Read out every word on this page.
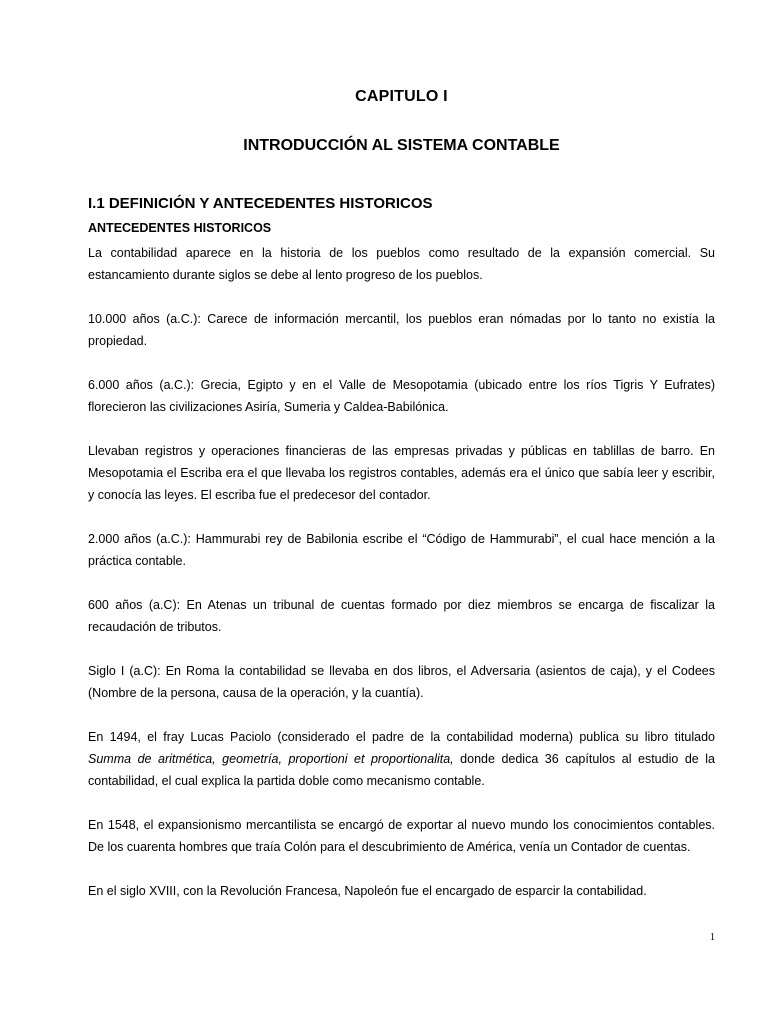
CAPITULO I
INTRODUCCIÓN AL SISTEMA CONTABLE
I.1 DEFINICIÓN Y ANTECEDENTES HISTORICOS
ANTECEDENTES HISTORICOS

La contabilidad aparece en la historia de los pueblos como resultado de la expansión comercial. Su estancamiento durante siglos se debe al lento progreso de los pueblos.

10.000 años (a.C.): Carece de información mercantil, los pueblos eran nómadas por lo tanto no existía la propiedad.

6.000 años (a.C.): Grecia, Egipto y en el Valle de Mesopotamia (ubicado entre los ríos Tigris Y Eufrates) florecieron las civilizaciones Asiría, Sumeria y Caldea-Babilónica.

Llevaban registros y operaciones financieras de las empresas privadas y públicas en tablillas de barro. En Mesopotamia el Escriba era el que llevaba los registros contables, además era el único que sabía leer y escribir, y conocía las leyes. El escriba fue el predecesor del contador.

2.000 años (a.C.): Hammurabi rey de Babilonia escribe el “Código de Hammurabi”, el cual hace mención a la práctica contable.

600 años (a.C): En Atenas un tribunal de cuentas formado por diez miembros se encarga de fiscalizar la recaudación de tributos.

Siglo I (a.C): En Roma la contabilidad se llevaba en dos libros, el Adversaria (asientos de caja), y el Codees (Nombre de la persona, causa de la operación, y la cuantía).

En 1494, el fray Lucas Paciolo (considerado el padre de la contabilidad moderna) publica su libro titulado Summa de aritmética, geometría, proportioni et proportionalita, donde dedica 36 capítulos al estudio de la contabilidad, el cual explica la partida doble como mecanismo contable.

En 1548, el expansionismo mercantilista se encargó de exportar al nuevo mundo los conocimientos contables. De los cuarenta hombres que traía Colón para el descubrimiento de América, venía un Contador de cuentas.

En el siglo XVIII, con la Revolución Francesa, Napoleón fue el encargado de esparcir la contabilidad.

1
